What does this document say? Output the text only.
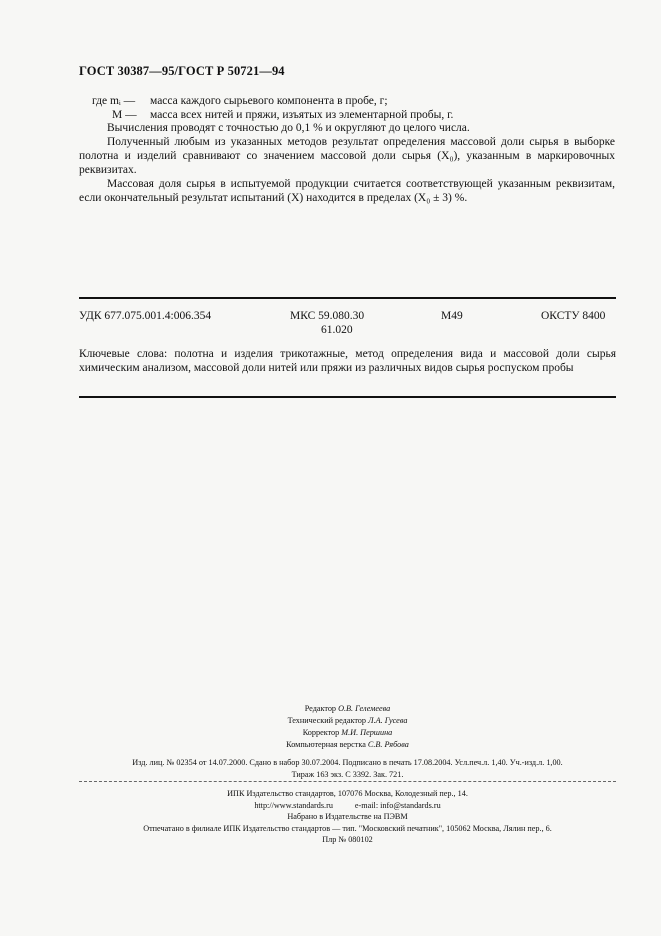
ГОСТ 30387—95/ГОСТ Р 50721—94
где mᵢ —	масса каждого сырьевого компонента в пробе, г;
M —	масса всех нитей и пряжи, изъятых из элементарной пробы, г.

Вычисления проводят с точностью до 0,1 % и округляют до целого числа.

Полученный любым из указанных методов результат определения массовой доли сырья в выборке полотна и изделий сравнивают со значением массовой доли сырья (X₀), указанным в маркировочных реквизитах.

Массовая доля сырья в испытуемой продукции считается соответствующей указанным реквизитам, если окончательный результат испытаний (X) находится в пределах (X₀ ± 3) %.

УДК 677.075.001.4:006.354	МКС 59.080.30
61.020
М49	ОКСТУ 8400
Ключевые слова: полотна и изделия трикотажные, метод определения вида и массовой доли сырья химическим анализом, массовой доли нитей или пряжи из различных видов сырья роспуском пробы
Редактор О.В. Гелемеева
Технический редактор Л.А. Гусева
Корректор М.И. Першина
Компьютерная верстка С.В. Рябова
Изд. лиц. № 02354 от 14.07.2000. Сдано в набор 30.07.2004. Подписано в печать 17.08.2004. Усл.печ.л. 1,40. Уч.-изд.л. 1,00.
Тираж 163 экз. С 3392. Зак. 721.
ИПК Издательство стандартов, 107076 Москва, Колодезный пер., 14.
http://www.standards.ru	e-mail: info@standards.ru
Набрано в Издательстве на ПЭВМ
Отпечатано в филиале ИПК Издательство стандартов — тип. "Московский печатник", 105062 Москва, Лялин пер., 6.
Плр № 080102
